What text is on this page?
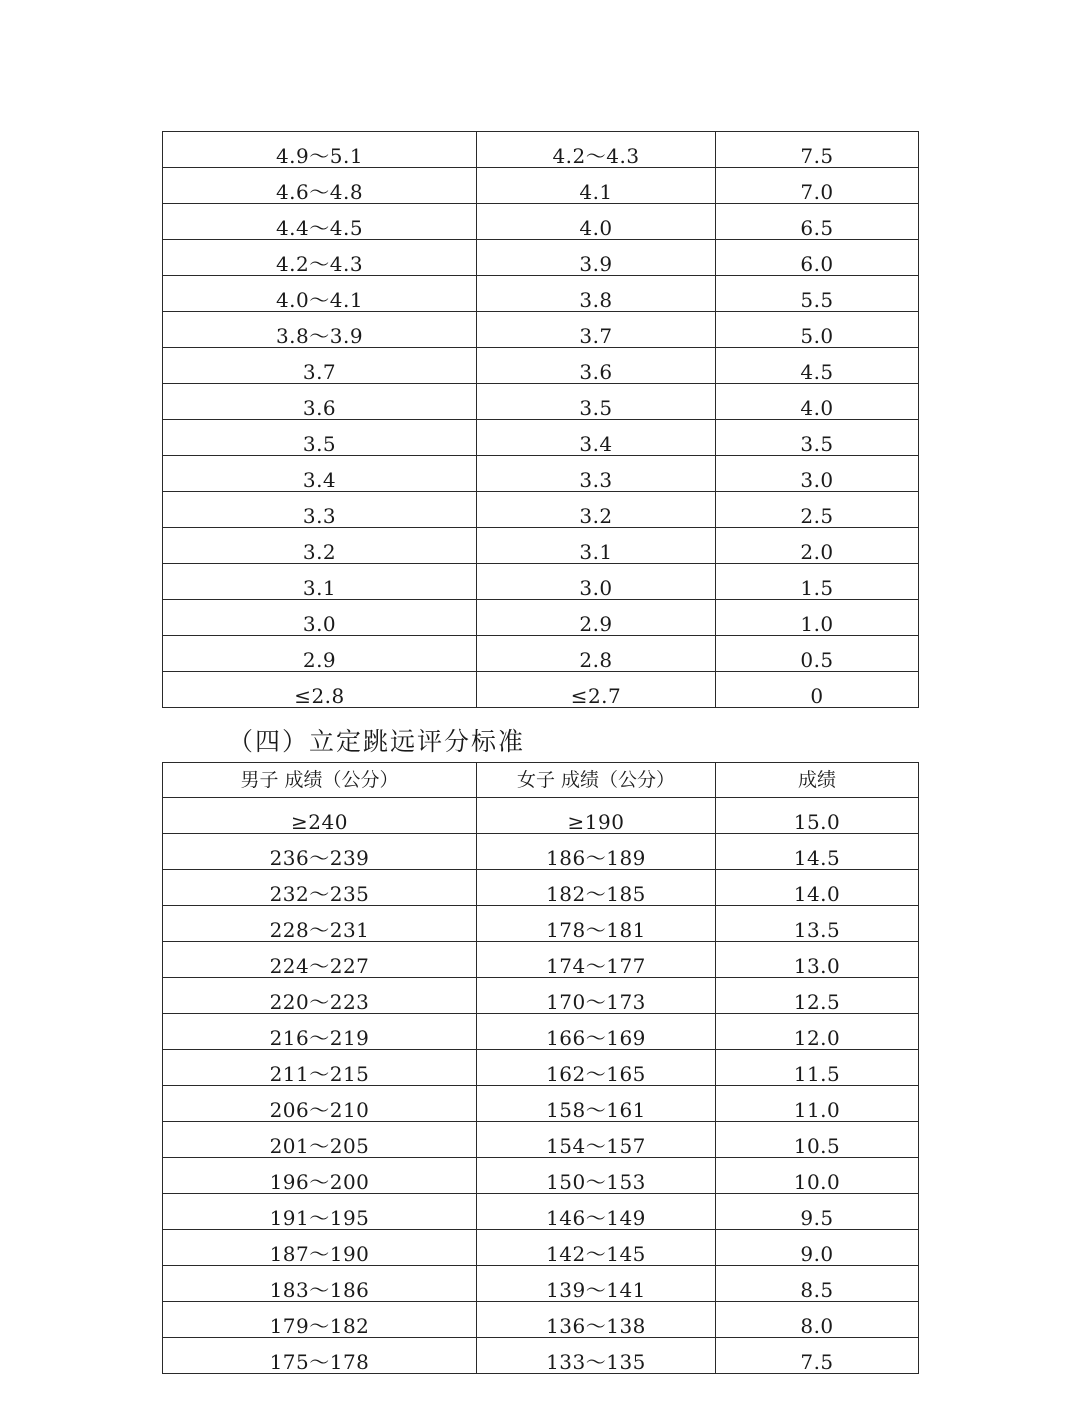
4.9～5.1	4.2～4.3	7.5
4.6～4.8	4.1	7.0
4.4～4.5	4.0	6.5
4.2～4.3	3.9	6.0
4.0～4.1	3.8	5.5
3.8～3.9	3.7	5.0
3.7	3.6	4.5
3.6	3.5	4.0
3.5	3.4	3.5
3.4	3.3	3.0
3.3	3.2	2.5
3.2	3.1	2.0
3.1	3.0	1.5
3.0	2.9	1.0
2.9	2.8	0.5
≤2.8	≤2.7	0
（四）立定跳远评分标准
男子 成绩（公分）	女子 成绩（公分）	成绩
≥240	≥190	15.0
236～239	186～189	14.5
232～235	182～185	14.0
228～231	178～181	13.5
224～227	174～177	13.0
220～223	170～173	12.5
216～219	166～169	12.0
211～215	162～165	11.5
206～210	158～161	11.0
201～205	154～157	10.5
196～200	150～153	10.0
191～195	146～149	9.5
187～190	142～145	9.0
183～186	139～141	8.5
179～182	136～138	8.0
175～178	133～135	7.5
